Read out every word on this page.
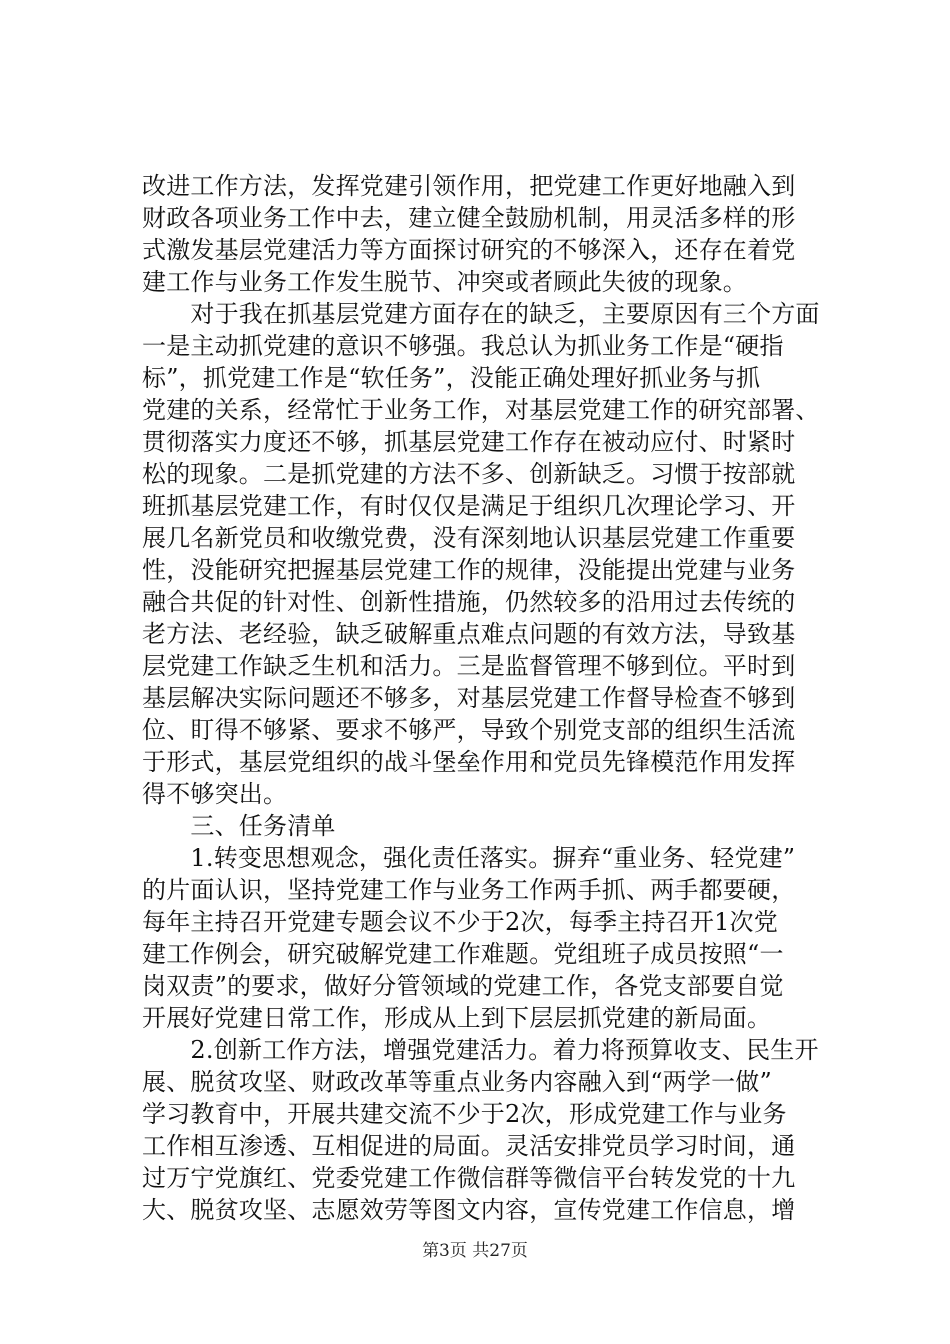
改进工作方法，发挥党建引领作用，把党建工作更好地融入到
财政各项业务工作中去，建立健全鼓励机制，用灵活多样的形
式激发基层党建活力等方面探讨研究的不够深入，还存在着党
建工作与业务工作发生脱节、冲突或者顾此失彼的现象。
　　对于我在抓基层党建方面存在的缺乏，主要原因有三个方面
一是主动抓党建的意识不够强。我总认为抓业务工作是“硬指
标”，抓党建工作是“软任务”，没能正确处理好抓业务与抓
党建的关系，经常忙于业务工作，对基层党建工作的研究部署、
贯彻落实力度还不够，抓基层党建工作存在被动应付、时紧时
松的现象。二是抓党建的方法不多、创新缺乏。习惯于按部就
班抓基层党建工作，有时仅仅是满足于组织几次理论学习、开
展几名新党员和收缴党费，没有深刻地认识基层党建工作重要
性，没能研究把握基层党建工作的规律，没能提出党建与业务
融合共促的针对性、创新性措施，仍然较多的沿用过去传统的
老方法、老经验，缺乏破解重点难点问题的有效方法，导致基
层党建工作缺乏生机和活力。三是监督管理不够到位。平时到
基层解决实际问题还不够多，对基层党建工作督导检查不够到
位、盯得不够紧、要求不够严，导致个别党支部的组织生活流
于形式，基层党组织的战斗堡垒作用和党员先锋模范作用发挥
得不够突出。
　　三、任务清单
　　1.转变思想观念，强化责任落实。摒弃“重业务、轻党建”
的片面认识，坚持党建工作与业务工作两手抓、两手都要硬，
每年主持召开党建专题会议不少于2次，每季主持召开1次党
建工作例会，研究破解党建工作难题。党组班子成员按照“一
岗双责”的要求，做好分管领域的党建工作，各党支部要自觉
开展好党建日常工作，形成从上到下层层抓党建的新局面。
　　2.创新工作方法，增强党建活力。着力将预算收支、民生开
展、脱贫攻坚、财政改革等重点业务内容融入到“两学一做”
学习教育中，开展共建交流不少于2次，形成党建工作与业务
工作相互渗透、互相促进的局面。灵活安排党员学习时间，通
过万宁党旗红、党委党建工作微信群等微信平台转发党的十九
大、脱贫攻坚、志愿效劳等图文内容，宣传党建工作信息，增
第3页 共27页
